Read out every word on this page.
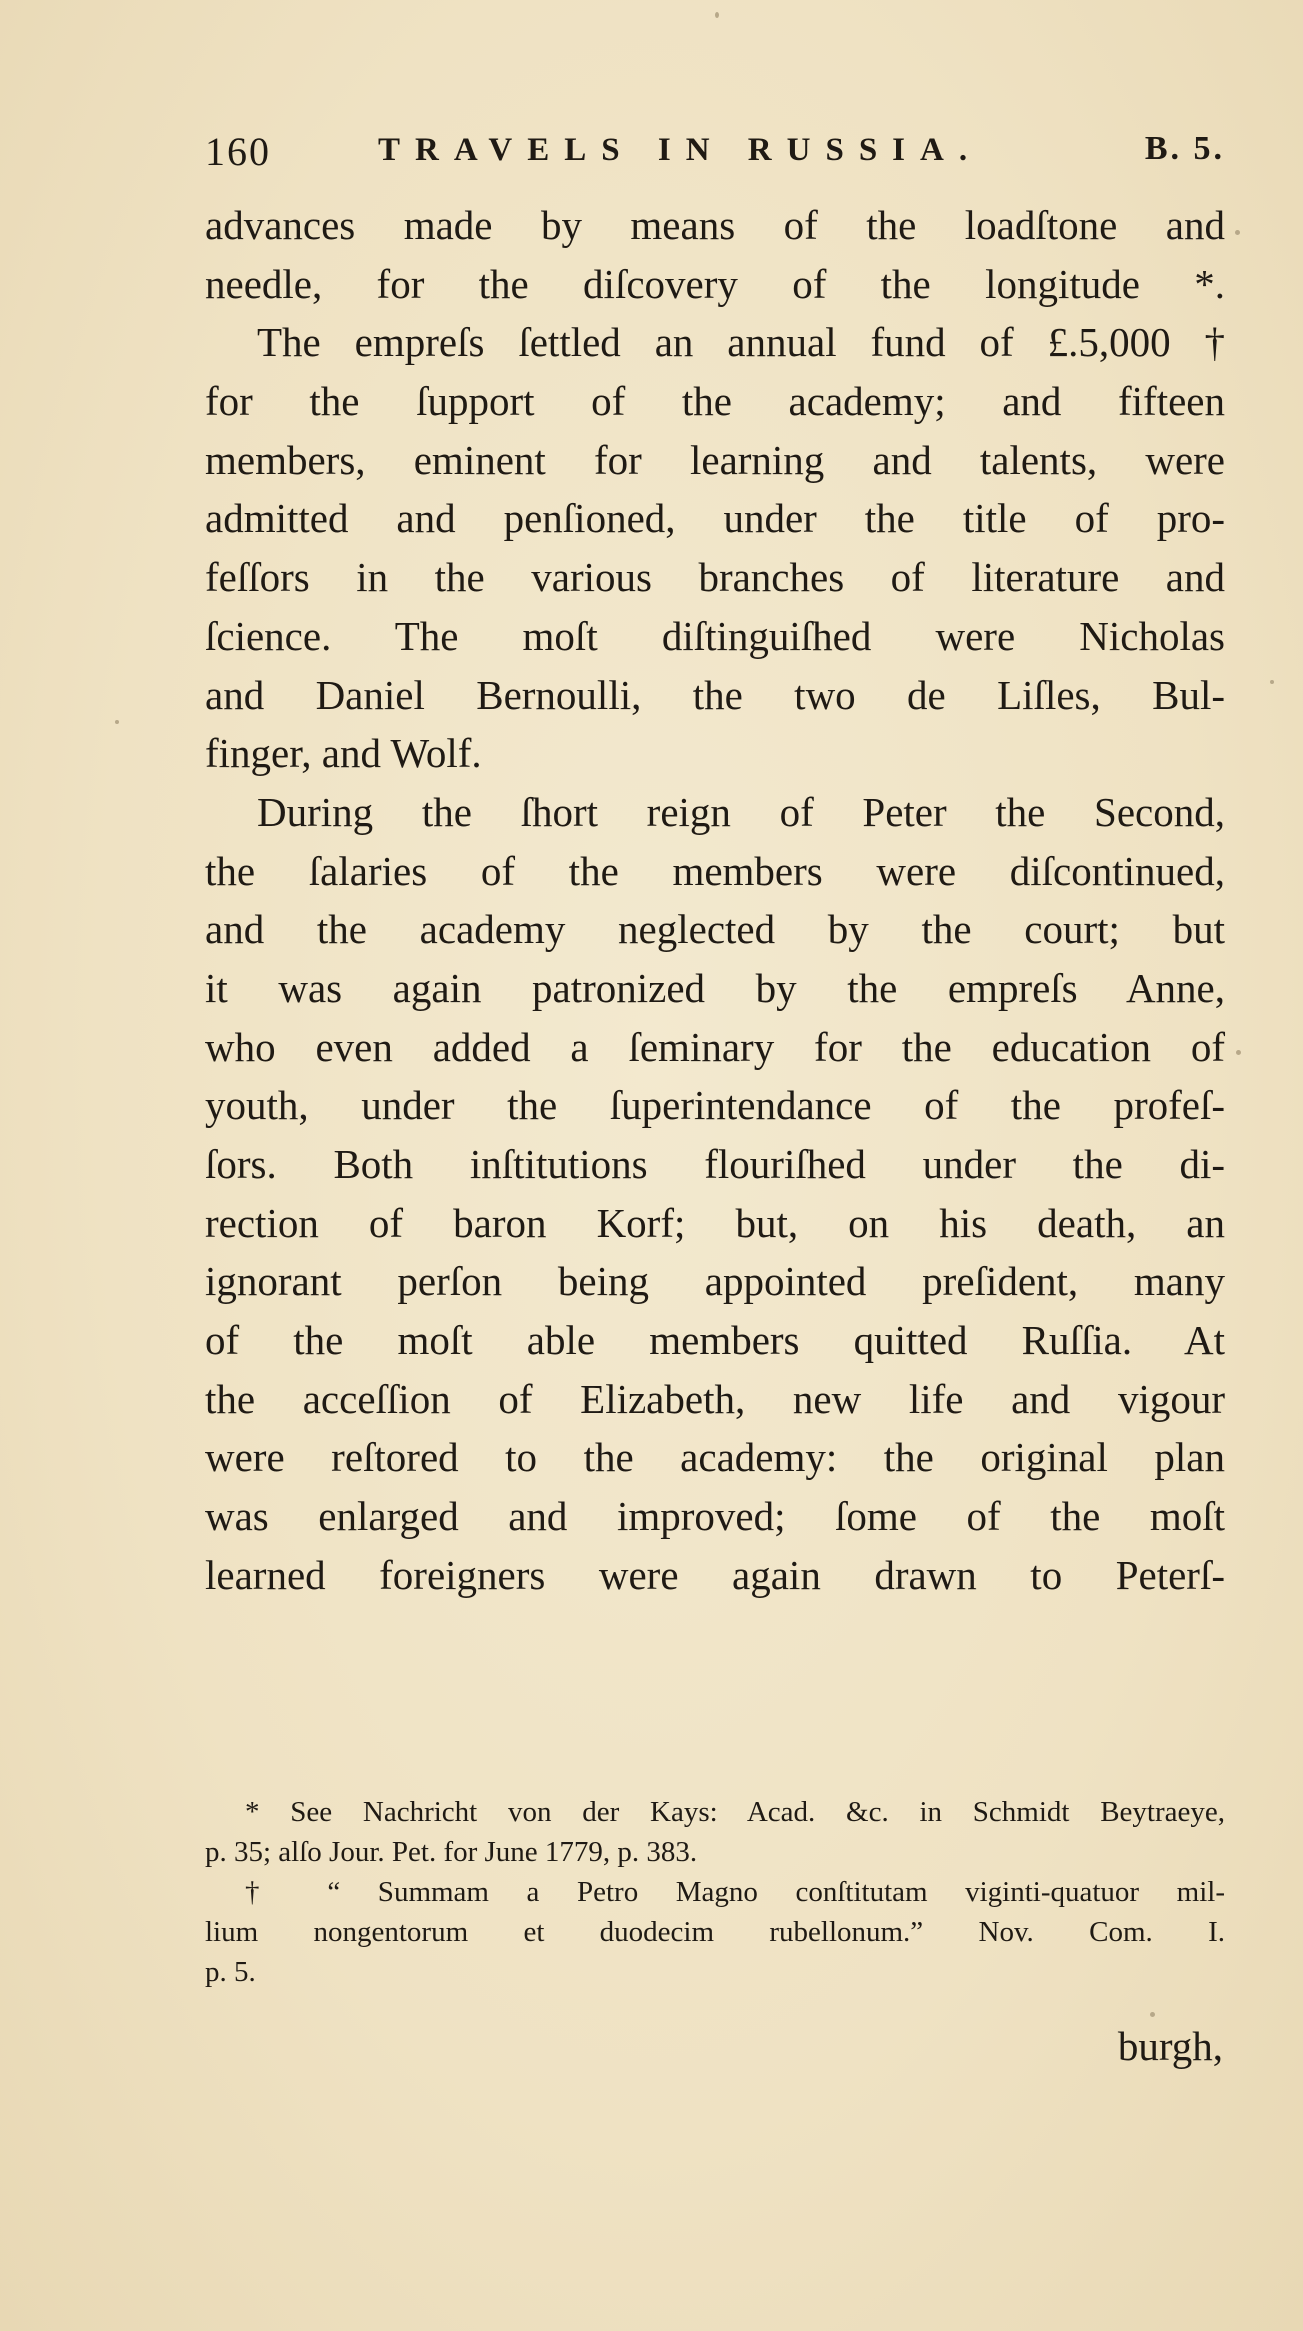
160	TRAVELS IN RUSSIA.	B. 5.
advances made by means of the loadſtone and
needle, for the diſcovery of the longitude *.
The empreſs ſettled an annual fund of £.5,000 †
for the ſupport of the academy; and fifteen
members, eminent for learning and talents, were
admitted and penſioned, under the title of pro-
feſſors in the various branches of literature and
ſcience. The moſt diſtinguiſhed were Nicholas
and Daniel Bernoulli, the two de Liſles, Bul-
finger, and Wolf.
During the ſhort reign of Peter the Second,
the ſalaries of the members were diſcontinued,
and the academy neglected by the court; but
it was again patronized by the empreſs Anne,
who even added a ſeminary for the education of
youth, under the ſuperintendance of the profeſ-
ſors. Both inſtitutions flouriſhed under the di-
rection of baron Korf; but, on his death, an
ignorant perſon being appointed preſident, many
of the moſt able members quitted Ruſſia. At
the acceſſion of Elizabeth, new life and vigour
were reſtored to the academy: the original plan
was enlarged and improved; ſome of the moſt
learned foreigners were again drawn to Peterſ-
* See Nachricht von der Kays: Acad. &c. in Schmidt Beytraeye,
p. 35; alſo Jour. Pet. for June 1779, p. 383.
† “ Summam a Petro Magno conſtitutam viginti-quatuor mil-
lium nongentorum et duodecim rubellonum.” Nov. Com. I.
p. 5.
burgh,
